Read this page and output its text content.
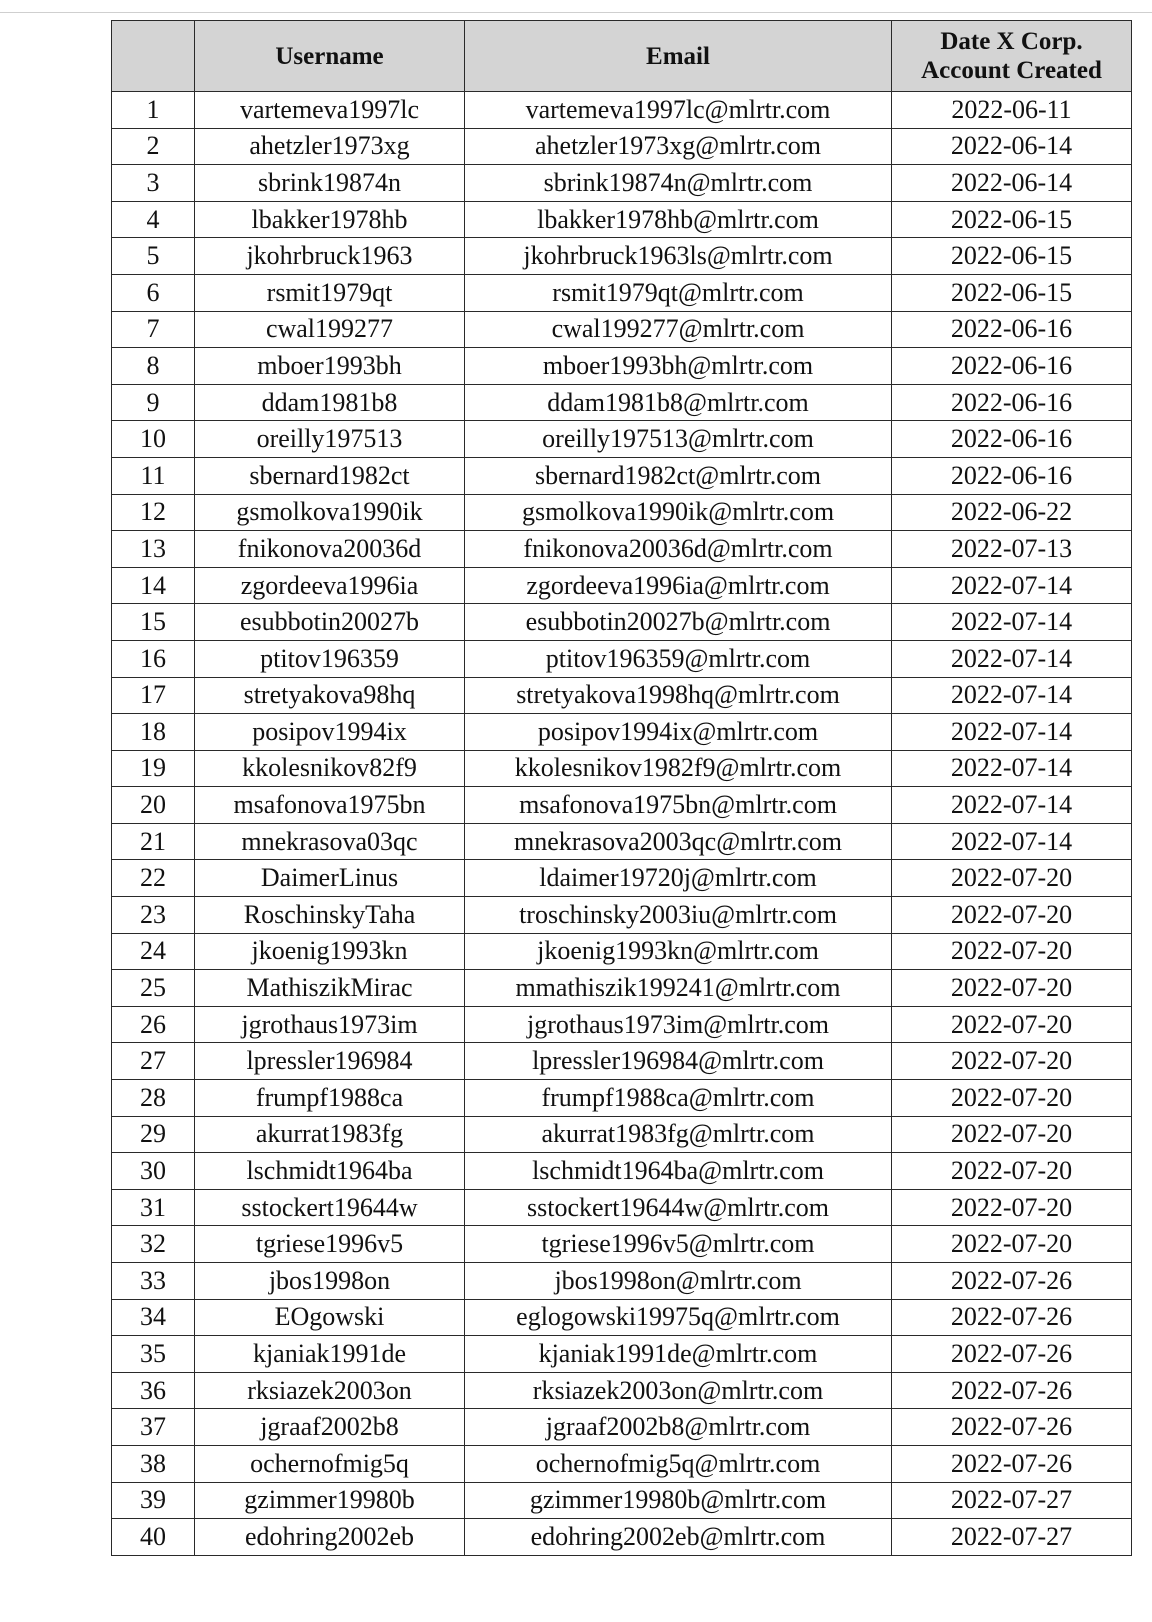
	Username	Email	Date X Corp.
Account Created
1	vartemeva1997lc	vartemeva1997lc@mlrtr.com	2022-06-11
2	ahetzler1973xg	ahetzler1973xg@mlrtr.com	2022-06-14
3	sbrink19874n	sbrink19874n@mlrtr.com	2022-06-14
4	lbakker1978hb	lbakker1978hb@mlrtr.com	2022-06-15
5	jkohrbruck1963	jkohrbruck1963ls@mlrtr.com	2022-06-15
6	rsmit1979qt	rsmit1979qt@mlrtr.com	2022-06-15
7	cwal199277	cwal199277@mlrtr.com	2022-06-16
8	mboer1993bh	mboer1993bh@mlrtr.com	2022-06-16
9	ddam1981b8	ddam1981b8@mlrtr.com	2022-06-16
10	oreilly197513	oreilly197513@mlrtr.com	2022-06-16
11	sbernard1982ct	sbernard1982ct@mlrtr.com	2022-06-16
12	gsmolkova1990ik	gsmolkova1990ik@mlrtr.com	2022-06-22
13	fnikonova20036d	fnikonova20036d@mlrtr.com	2022-07-13
14	zgordeeva1996ia	zgordeeva1996ia@mlrtr.com	2022-07-14
15	esubbotin20027b	esubbotin20027b@mlrtr.com	2022-07-14
16	ptitov196359	ptitov196359@mlrtr.com	2022-07-14
17	stretyakova98hq	stretyakova1998hq@mlrtr.com	2022-07-14
18	posipov1994ix	posipov1994ix@mlrtr.com	2022-07-14
19	kkolesnikov82f9	kkolesnikov1982f9@mlrtr.com	2022-07-14
20	msafonova1975bn	msafonova1975bn@mlrtr.com	2022-07-14
21	mnekrasova03qc	mnekrasova2003qc@mlrtr.com	2022-07-14
22	DaimerLinus	ldaimer19720j@mlrtr.com	2022-07-20
23	RoschinskyTaha	troschinsky2003iu@mlrtr.com	2022-07-20
24	jkoenig1993kn	jkoenig1993kn@mlrtr.com	2022-07-20
25	MathiszikMirac	mmathiszik199241@mlrtr.com	2022-07-20
26	jgrothaus1973im	jgrothaus1973im@mlrtr.com	2022-07-20
27	lpressler196984	lpressler196984@mlrtr.com	2022-07-20
28	frumpf1988ca	frumpf1988ca@mlrtr.com	2022-07-20
29	akurrat1983fg	akurrat1983fg@mlrtr.com	2022-07-20
30	lschmidt1964ba	lschmidt1964ba@mlrtr.com	2022-07-20
31	sstockert19644w	sstockert19644w@mlrtr.com	2022-07-20
32	tgriese1996v5	tgriese1996v5@mlrtr.com	2022-07-20
33	jbos1998on	jbos1998on@mlrtr.com	2022-07-26
34	EOgowski	eglogowski19975q@mlrtr.com	2022-07-26
35	kjaniak1991de	kjaniak1991de@mlrtr.com	2022-07-26
36	rksiazek2003on	rksiazek2003on@mlrtr.com	2022-07-26
37	jgraaf2002b8	jgraaf2002b8@mlrtr.com	2022-07-26
38	ochernofmig5q	ochernofmig5q@mlrtr.com	2022-07-26
39	gzimmer19980b	gzimmer19980b@mlrtr.com	2022-07-27
40	edohring2002eb	edohring2002eb@mlrtr.com	2022-07-27
